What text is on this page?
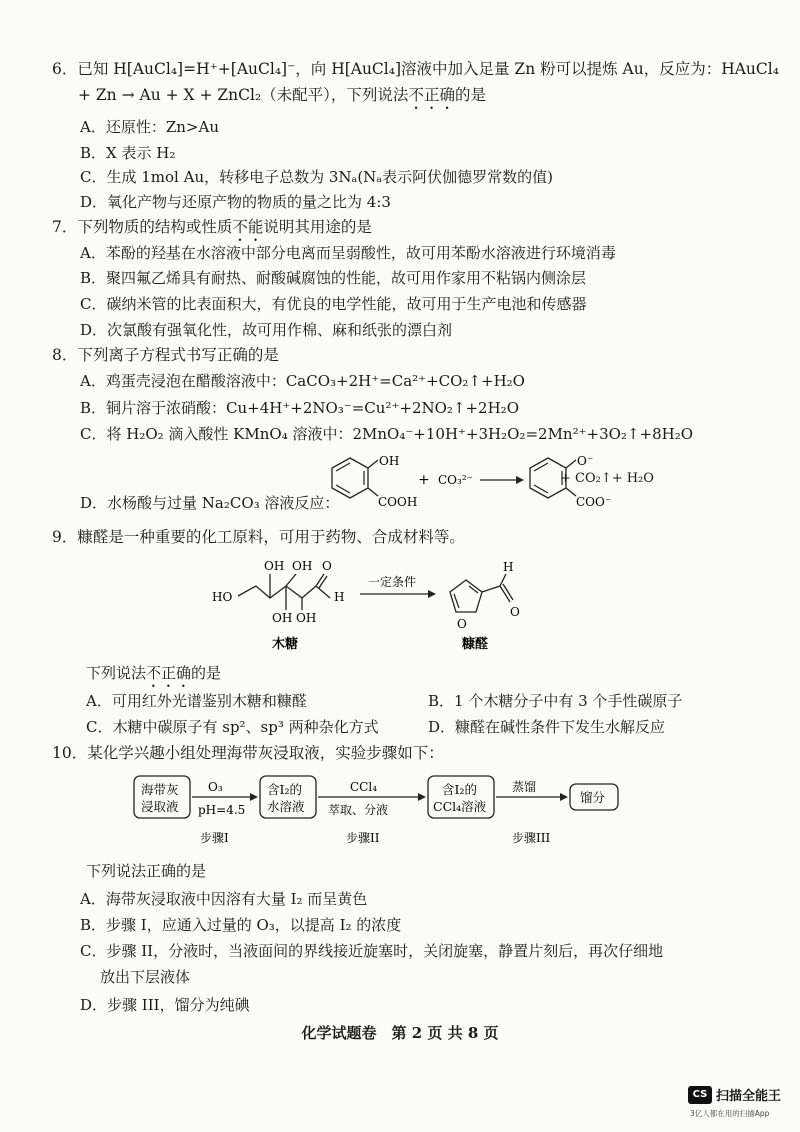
6．已知 H[AuCl₄]=H⁺+[AuCl₄]⁻，向 H[AuCl₄]溶液中加入足量 Zn 粉可以提炼 Au，反应为：HAuCl₄
+ Zn → Au + X + ZnCl₂（未配平），下列说法不正确的是
A．还原性：Zn>Au
B．X 表示 H₂
C．生成 1mol Au，转移电子总数为 3Nₐ(Nₐ表示阿伏伽德罗常数的值)
D．氧化产物与还原产物的物质的量之比为 4:3
7．下列物质的结构或性质不能说明其用途的是
A．苯酚的羟基在水溶液中部分电离而呈弱酸性，故可用苯酚水溶液进行环境消毒
B．聚四氟乙烯具有耐热、耐酸碱腐蚀的性能，故可用作家用不粘锅内侧涂层
C．碳纳米管的比表面积大，有优良的电学性能，故可用于生产电池和传感器
D．次氯酸有强氧化性，故可用作棉、麻和纸张的漂白剂
8．下列离子方程式书写正确的是
A．鸡蛋壳浸泡在醋酸溶液中：CaCO₃+2H⁺=Ca²⁺+CO₂↑+H₂O
B．铜片溶于浓硝酸：Cu+4H⁺+2NO₃⁻=Cu²⁺+2NO₂↑+2H₂O
C．将 H₂O₂ 滴入酸性 KMnO₄ 溶液中：2MnO₄⁻+10H⁺+3H₂O₂=2Mn²⁺+3O₂↑+8H₂O
D．水杨酸与过量 Na₂CO₃ 溶液反应：
OH
COOH
+ CO₃²⁻
O⁻
COO⁻
+ CO₂↑+ H₂O
9．糠醛是一种重要的化工原料，可用于药物、合成材料等。
OH OH O
HO	H
OH OH
一定条件
O
H
O
木糖	糠醛
下列说法不正确的是
A．可用红外光谱鉴别木糖和糠醛	B．1 个木糖分子中有 3 个手性碳原子
C．木糖中碳原子有 sp²、sp³ 两种杂化方式	D．糠醛在碱性条件下发生水解反应
10．某化学兴趣小组处理海带灰浸取液，实验步骤如下：
海带灰
浸取液
O₃
pH=4.5
含I₂的
水溶液
CCl₄
萃取、分液
含I₂的
CCl₄溶液
蒸馏
馏分
步骤I	步骤II	步骤III
下列说法正确的是
A．海带灰浸取液中因溶有大量 I₂ 而呈黄色
B．步骤 I，应通入过量的 O₃，以提高 I₂ 的浓度
C．步骤 II，分液时，当液面间的界线接近旋塞时，关闭旋塞，静置片刻后，再次仔细地
放出下层液体
D．步骤 III，馏分为纯碘
化学试题卷　第 2 页 共 8 页
CS 扫描全能王
3亿人都在用的扫描App
